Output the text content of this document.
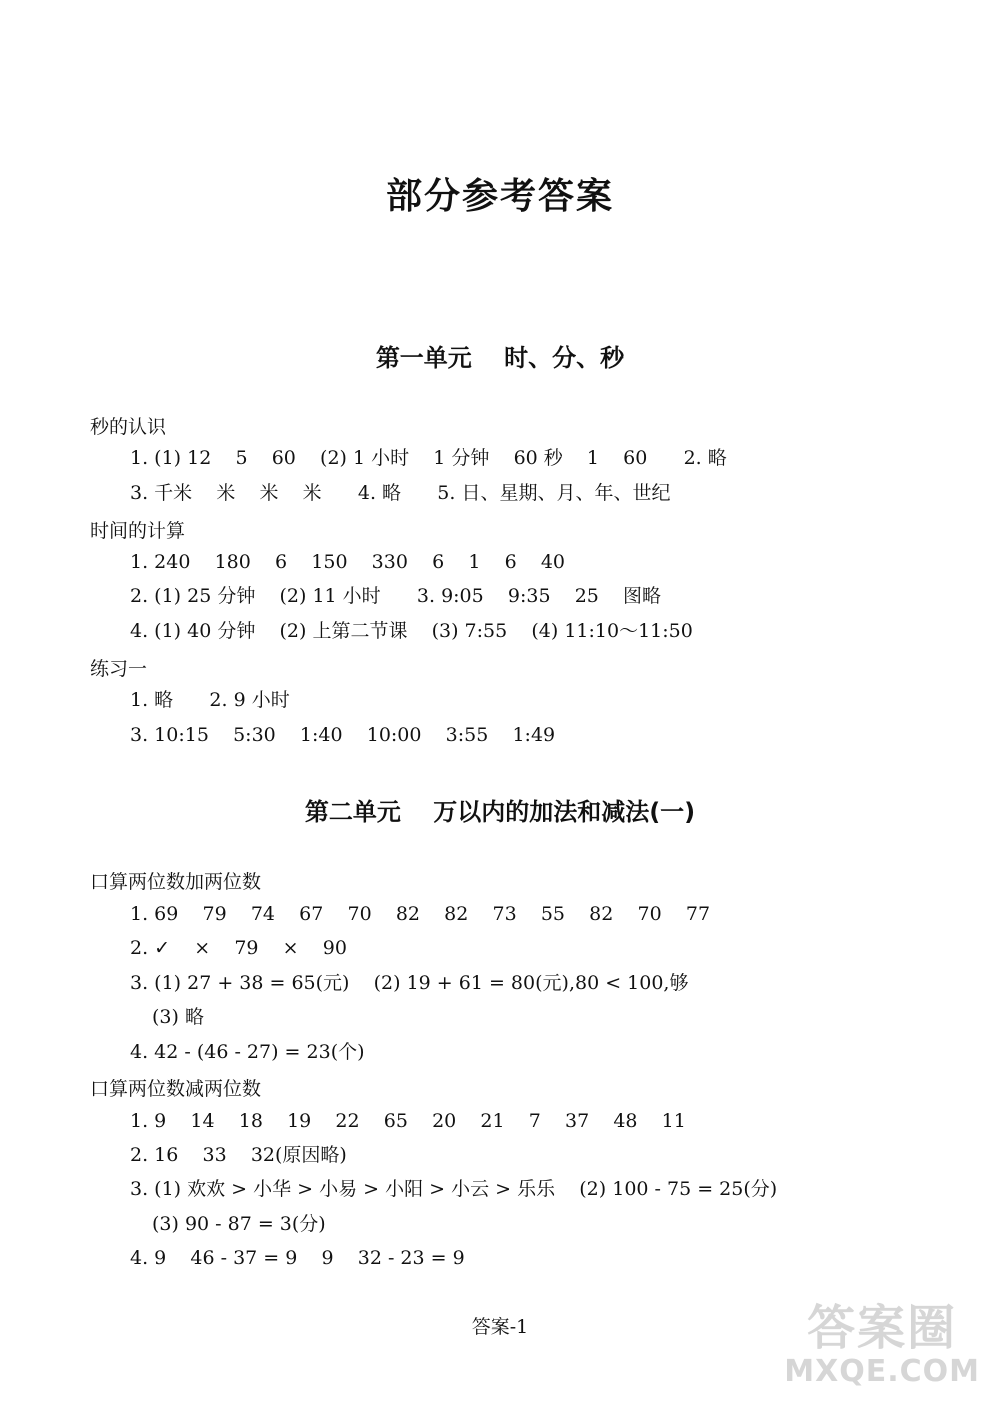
部分参考答案
第一单元　 时、分、秒
秒的认识
1. (1) 12    5    60    (2) 1 小时    1 分钟    60 秒    1    60      2. 略
3. 千米    米    米    米      4. 略      5. 日、星期、月、年、世纪
时间的计算
1. 240    180    6    150    330    6    1    6    40
2. (1) 25 分钟    (2) 11 小时      3. 9:05    9:35    25    图略
4. (1) 40 分钟    (2) 上第二节课    (3) 7:55    (4) 11:10～11:50
练习一
1. 略      2. 9 小时
3. 10:15    5:30    1:40    10:00    3:55    1:49
第二单元　 万以内的加法和减法(一)
口算两位数加两位数
1. 69    79    74    67    70    82    82    73    55    82    70    77
2. ✓    ×    79    ×    90
3. (1) 27 + 38 = 65(元)    (2) 19 + 61 = 80(元),80 < 100,够
(3) 略
4. 42 - (46 - 27) = 23(个)
口算两位数减两位数
1. 9    14    18    19    22    65    20    21    7    37    48    11
2. 16    33    32(原因略)
3. (1) 欢欢 > 小华 > 小易 > 小阳 > 小云 > 乐乐    (2) 100 - 75 = 25(分)
(3) 90 - 87 = 3(分)
4. 9    46 - 37 = 9    9    32 - 23 = 9
答案-1	答案圈
MXQE.COM
